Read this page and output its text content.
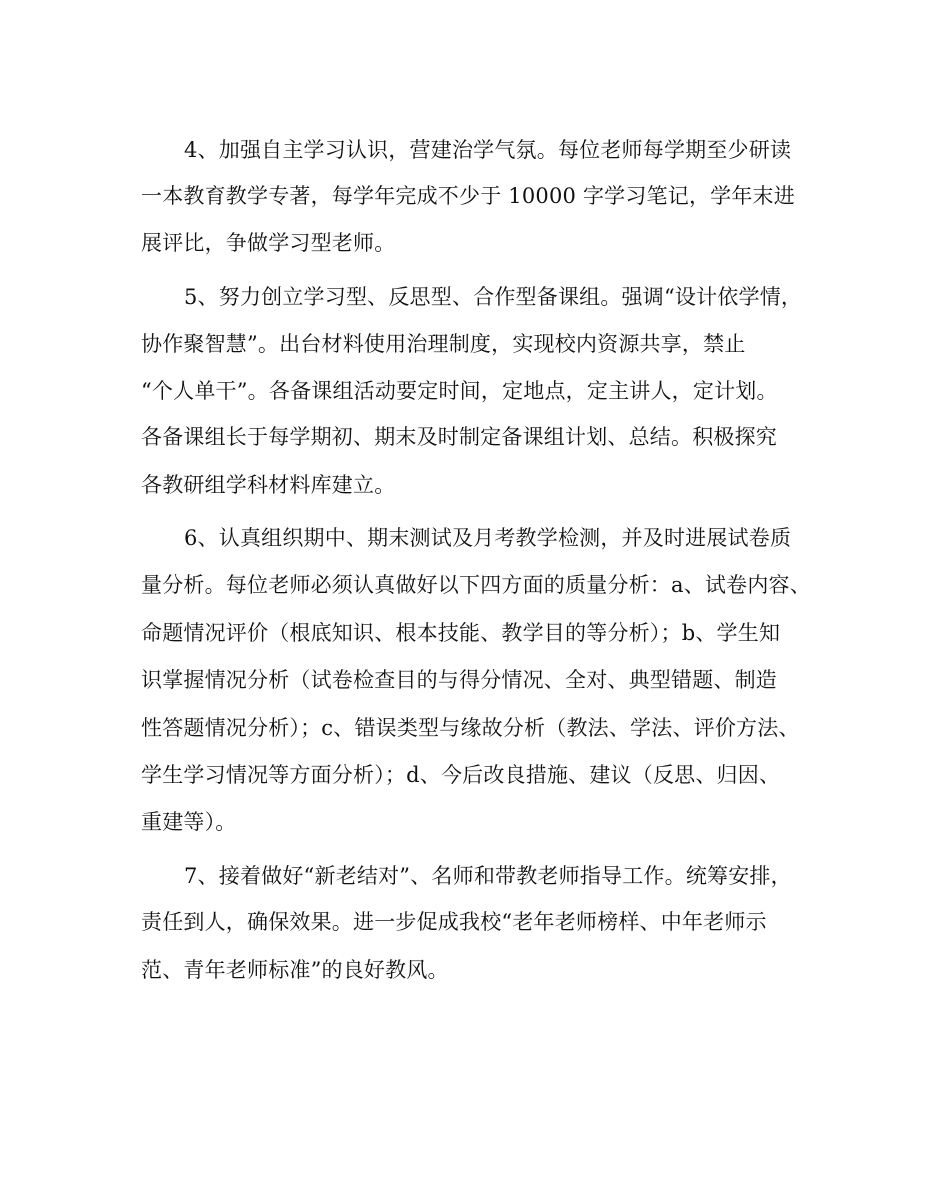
4、加强自主学习认识，营建治学气氛。每位老师每学期至少研读
一本教育教学专著，每学年完成不少于 10000 字学习笔记，学年末进
展评比，争做学习型老师。
5、努力创立学习型、反思型、合作型备课组。强调“设计依学情，
协作聚智慧”。出台材料使用治理制度，实现校内资源共享，禁止
“个人单干”。各备课组活动要定时间，定地点，定主讲人，定计划。
各备课组长于每学期初、期末及时制定备课组计划、总结。积极探究
各教研组学科材料库建立。
6、认真组织期中、期末测试及月考教学检测，并及时进展试卷质
量分析。每位老师必须认真做好以下四方面的质量分析：a、试卷内容、
命题情况评价（根底知识、根本技能、教学目的等分析）；b、学生知
识掌握情况分析（试卷检查目的与得分情况、全对、典型错题、制造
性答题情况分析）；c、错误类型与缘故分析（教法、学法、评价方法、
学生学习情况等方面分析）；d、今后改良措施、建议（反思、归因、
重建等）。
7、接着做好“新老结对”、名师和带教老师指导工作。统筹安排，
责任到人，确保效果。进一步促成我校“老年老师榜样、中年老师示
范、青年老师标准”的良好教风。
